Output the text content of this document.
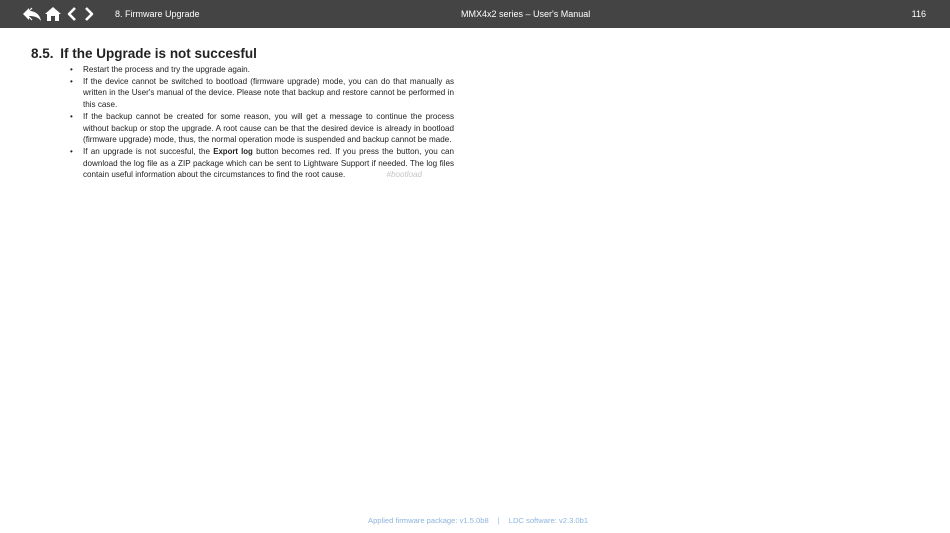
8. Firmware Upgrade	MMX4x2 series – User's Manual	116
8.5. If the Upgrade is not succesful
• Restart the process and try the upgrade again.
• If the device cannot be switched to bootload (firmware upgrade) mode, you can do that manually as written in the User's manual of the device. Please note that backup and restore cannot be performed in this case.
• If the backup cannot be created for some reason, you will get a message to continue the process without backup or stop the upgrade. A root cause can be that the desired device is already in bootload (firmware upgrade) mode, thus, the normal operation mode is suspended and backup cannot be made.
• If an upgrade is not succesful, the Export log button becomes red. If you press the button, you can download the log file as a ZIP package which can be sent to Lightware Support if needed. The log files contain useful information about the circumstances to find the root cause.	#bootload
Applied firmware package: v1.5.0b8 | LDC software: v2.3.0b1
